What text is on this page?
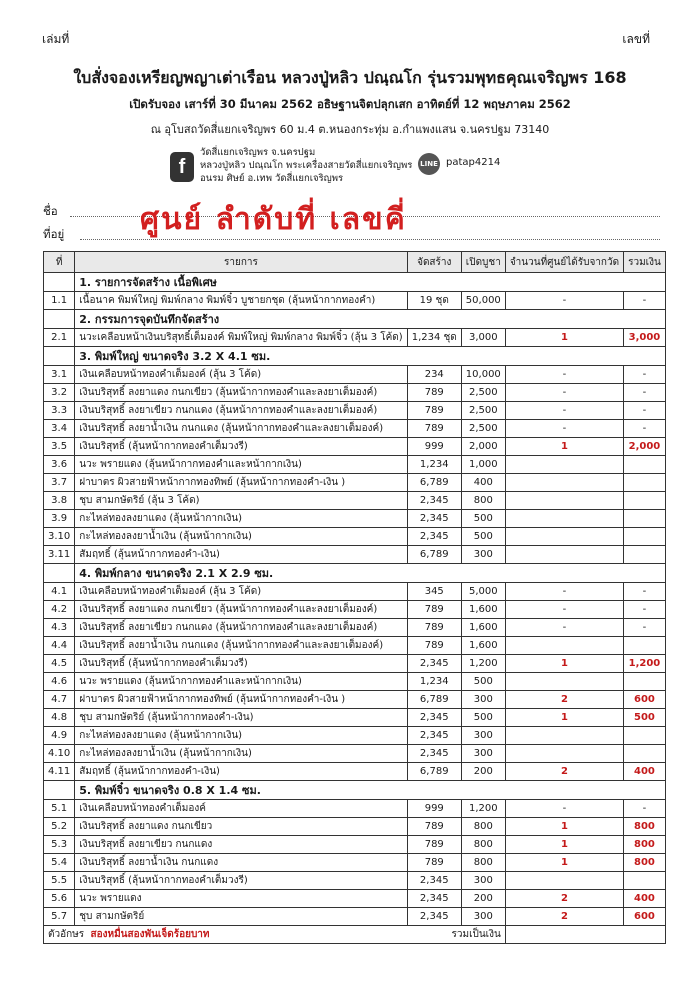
เล่มที่	เลขที่
ใบสั่งจองเหรียญพญาเต่าเรือน หลวงปู่หลิว ปณฺณโก รุ่นรวมพุทธคุณเจริญพร 168
เปิดรับจอง เสาร์ที่ 30 มีนาคม 2562 อธิษฐานจิตปลุกเสก อาทิตย์ที่ 12 พฤษภาคม 2562
ณ อุโบสถวัดสี่แยกเจริญพร 60 ม.4 ต.หนองกระทุ่ม อ.กำแพงแสน จ.นครปฐม 73140
f
วัดสี่แยกเจริญพร จ.นครปฐม
หลวงปู่หลิว ปณฺณโก พระเครื่องสายวัดสี่แยกเจริญพร
อนรม ศิษย์ อ.เทพ วัดสี่แยกเจริญพร
LINE patap4214
ชื่อ
ที่อยู่	ศูนย์ ลำดับที่ เลขคี่
ที่	รายการ	จัดสร้าง	เปิดบูชา	จำนวนที่ศูนย์ได้รับจากวัด	รวมเงิน
	1. รายการจัดสร้าง เนื้อพิเศษ				
1.1	เนื้อนาค พิมพ์ใหญ่ พิมพ์กลาง พิมพ์จิ๋ว บูชายกชุด (ลุ้นหน้ากากทองคำ)	19 ชุด	50,000	-	-
	2. กรรมการจุดบันทึกจัดสร้าง				
2.1	นวะเคลือบหน้าเงินบริสุทธิ์เต็มองค์ พิมพ์ใหญ่ พิมพ์กลาง พิมพ์จิ๋ว (ลุ้น 3 โค้ด)	1,234 ชุด	3,000	1	3,000
	3. พิมพ์ใหญ่ ขนาดจริง 3.2 X 4.1 ซม.				
3.1	เงินเคลือบหน้าทองคำเต็มองค์ (ลุ้น 3 โค้ด)	234	10,000	-	-
3.2	เงินบริสุทธิ์ ลงยาแดง กนกเขียว (ลุ้นหน้ากากทองคำและลงยาเต็มองค์)	789	2,500	-	-
3.3	เงินบริสุทธิ์ ลงยาเขียว กนกแดง (ลุ้นหน้ากากทองคำและลงยาเต็มองค์)	789	2,500	-	-
3.4	เงินบริสุทธิ์ ลงยาน้ำเงิน กนกแดง (ลุ้นหน้ากากทองคำและลงยาเต็มองค์)	789	2,500	-	-
3.5	เงินบริสุทธิ์ (ลุ้นหน้ากากทองคำเต็มวงรี)	999	2,000	1	2,000
3.6	นวะ พรายแดง (ลุ้นหน้ากากทองคำและหน้ากากเงิน)	1,234	1,000		
3.7	ฝาบาตร ผิวสายฟ้าหน้ากากทองทิพย์ (ลุ้นหน้ากากทองคำ-เงิน )	6,789	400		
3.8	ชุบ สามกษัตริย์ (ลุ้น 3 โค้ด)	2,345	800		
3.9	กะไหล่ทองลงยาแดง (ลุ้นหน้ากากเงิน)	2,345	500		
3.10	กะไหล่ทองลงยาน้ำเงิน (ลุ้นหน้ากากเงิน)	2,345	500		
3.11	สัมฤทธิ์ (ลุ้นหน้ากากทองคำ-เงิน)	6,789	300		
	4. พิมพ์กลาง ขนาดจริง 2.1 X 2.9 ซม.				
4.1	เงินเคลือบหน้าทองคำเต็มองค์ (ลุ้น 3 โค้ด)	345	5,000	-	-
4.2	เงินบริสุทธิ์ ลงยาแดง กนกเขียว (ลุ้นหน้ากากทองคำและลงยาเต็มองค์)	789	1,600	-	-
4.3	เงินบริสุทธิ์ ลงยาเขียว กนกแดง (ลุ้นหน้ากากทองคำและลงยาเต็มองค์)	789	1,600	-	-
4.4	เงินบริสุทธิ์ ลงยาน้ำเงิน กนกแดง (ลุ้นหน้ากากทองคำและลงยาเต็มองค์)	789	1,600		
4.5	เงินบริสุทธิ์ (ลุ้นหน้ากากทองคำเต็มวงรี)	2,345	1,200	1	1,200
4.6	นวะ พรายแดง (ลุ้นหน้ากากทองคำและหน้ากากเงิน)	1,234	500		
4.7	ฝาบาตร ผิวสายฟ้าหน้ากากทองทิพย์ (ลุ้นหน้ากากทองคำ-เงิน )	6,789	300	2	600
4.8	ชุบ สามกษัตริย์ (ลุ้นหน้ากากทองคำ-เงิน)	2,345	500	1	500
4.9	กะไหล่ทองลงยาแดง (ลุ้นหน้ากากเงิน)	2,345	300		
4.10	กะไหล่ทองลงยาน้ำเงิน (ลุ้นหน้ากากเงิน)	2,345	300		
4.11	สัมฤทธิ์ (ลุ้นหน้ากากทองคำ-เงิน)	6,789	200	2	400
	5. พิมพ์จิ๋ว ขนาดจริง 0.8 X 1.4 ซม.				
5.1	เงินเคลือบหน้าทองคำเต็มองค์	999	1,200	-	-
5.2	เงินบริสุทธิ์ ลงยาแดง กนกเขียว	789	800	1	800
5.3	เงินบริสุทธิ์ ลงยาเขียว กนกแดง	789	800	1	800
5.4	เงินบริสุทธิ์ ลงยาน้ำเงิน กนกแดง	789	800	1	800
5.5	เงินบริสุทธิ์ (ลุ้นหน้ากากทองคำเต็มวงรี)	2,345	300		
5.6	นวะ พรายแดง	2,345	200	2	400
5.7	ชุบ สามกษัตริย์	2,345	300	2	600
ตัวอักษร สองหมื่นสองพันเจ็ดร้อยบาท รวมเป็นเงิน					
